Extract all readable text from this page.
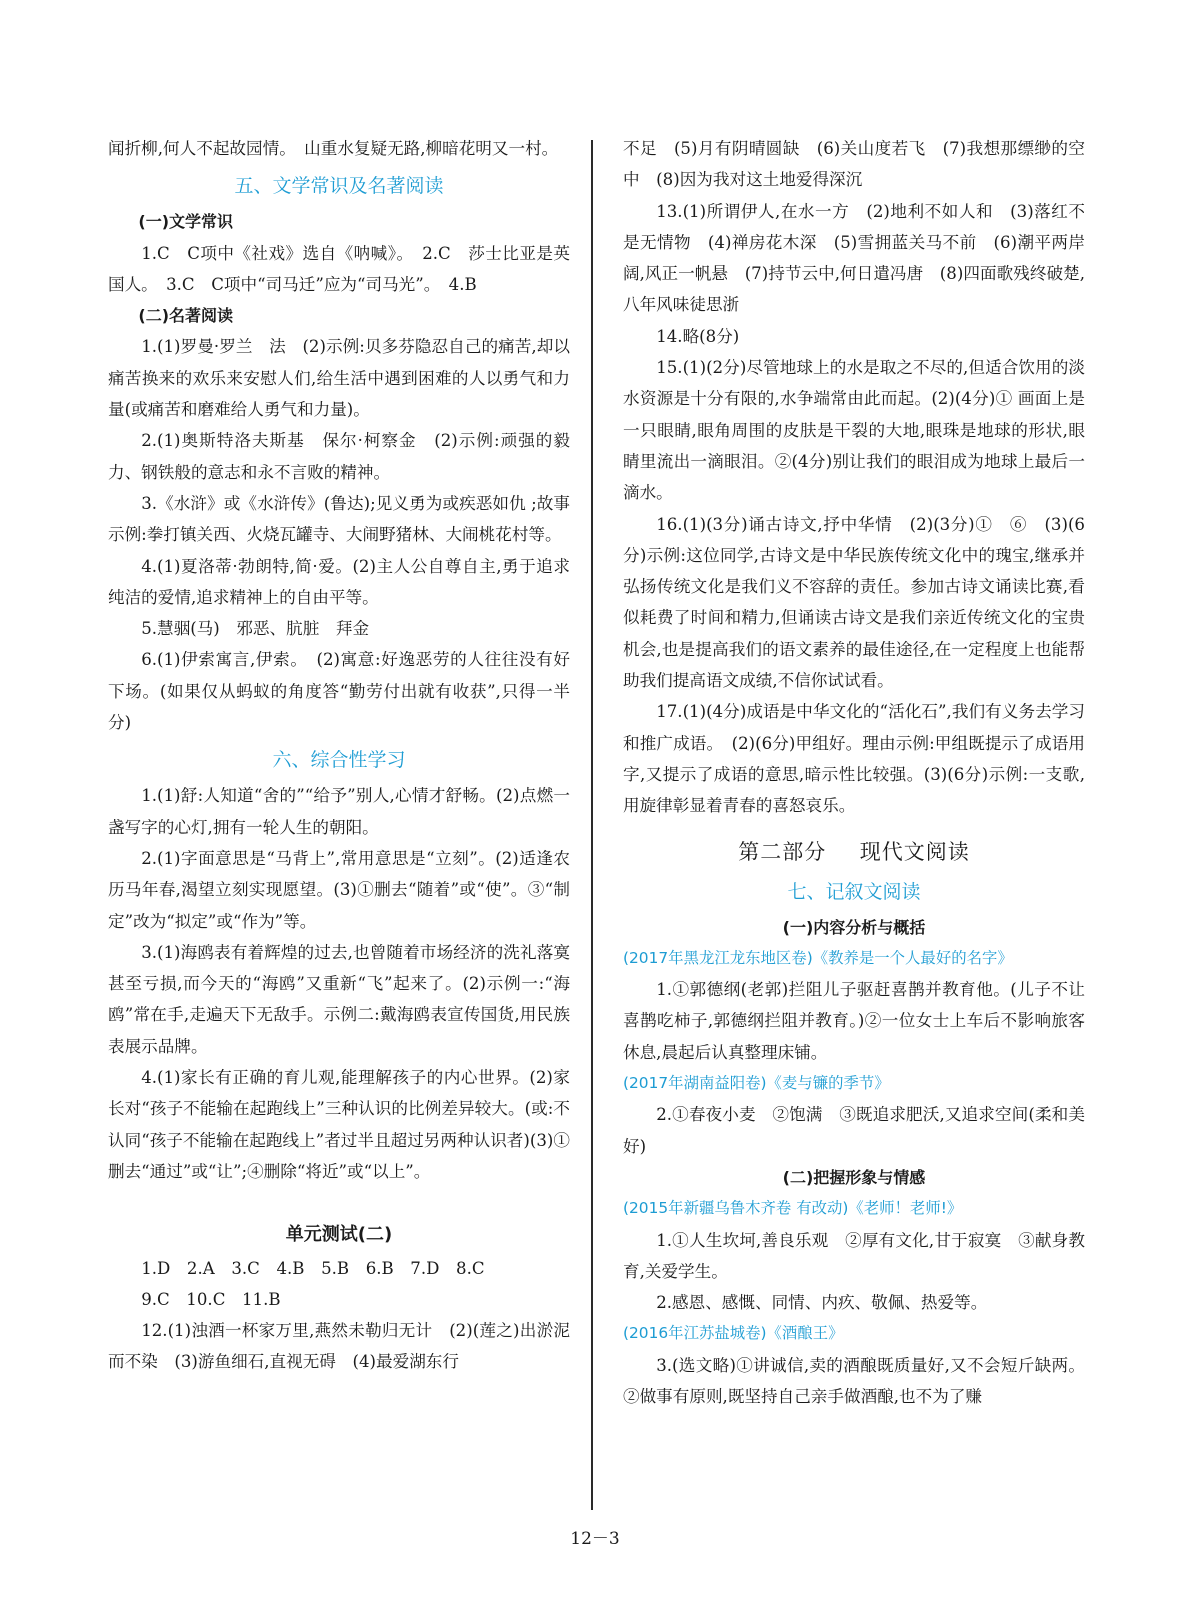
闻折柳,何人不起故园情。　山重水复疑无路,柳暗花明又一村。

五、文学常识及名著阅读
(一)文学常识

1.C　C项中《社戏》选自《呐喊》。　2.C　莎士比亚是英国人。　3.C　C项中“司马迁”应为“司马光”。　4.B

(二)名著阅读

1.(1)罗曼·罗兰　法　(2)示例:贝多芬隐忍自己的痛苦,却以痛苦换来的欢乐来安慰人们,给生活中遇到困难的人以勇气和力量(或痛苦和磨难给人勇气和力量)。

2.(1)奥斯特洛夫斯基　保尔·柯察金　(2)示例:顽强的毅力、钢铁般的意志和永不言败的精神。

3.《水浒》或《水浒传》(鲁达);见义勇为或疾恶如仇 ;故事示例:拳打镇关西、火烧瓦罐寺、大闹野猪林、大闹桃花村等。

4.(1)夏洛蒂·勃朗特,简·爱。(2)主人公自尊自主,勇于追求纯洁的爱情,追求精神上的自由平等。

5.慧骃(马)　邪恶、肮脏　拜金

6.(1)伊索寓言,伊索。　(2)寓意:好逸恶劳的人往往没有好下场。(如果仅从蚂蚁的角度答“勤劳付出就有收获”,只得一半分)

六、综合性学习

1.(1)舒:人知道“舍的”“给予”别人,心情才舒畅。(2)点燃一盏写字的心灯,拥有一轮人生的朝阳。

2.(1)字面意思是“马背上”,常用意思是“立刻”。(2)适逢农历马年春,渴望立刻实现愿望。(3)①删去“随着”或“使”。③“制定”改为“拟定”或“作为”等。

3.(1)海鸥表有着辉煌的过去,也曾随着市场经济的洗礼落寞甚至亏损,而今天的“海鸥”又重新“飞”起来了。(2)示例一:“海鸥”常在手,走遍天下无敌手。示例二:戴海鸥表宣传国货,用民族表展示品牌。

4.(1)家长有正确的育儿观,能理解孩子的内心世界。(2)家长对“孩子不能输在起跑线上”三种认识的比例差异较大。(或:不认同“孩子不能输在起跑线上”者过半且超过另两种认识者)(3)①删去“通过”或“让”;④删除“将近”或“以上”。

单元测试(二)

1.D　2.A　3.C　4.B　5.B　6.B　7.D　8.C

9.C　10.C　11.B

12.(1)浊酒一杯家万里,燕然未勒归无计　(2)(莲之)出淤泥而不染　(3)游鱼细石,直视无碍　(4)最爱湖东行

不足　(5)月有阴晴圆缺　(6)关山度若飞　(7)我想那缥缈的空中　(8)因为我对这土地爱得深沉

13.(1)所谓伊人,在水一方　(2)地利不如人和　(3)落红不是无情物　(4)禅房花木深　(5)雪拥蓝关马不前　(6)潮平两岸阔,风正一帆悬　(7)持节云中,何日遣冯唐　(8)四面歌残终破楚,八年风味徒思浙

14.略(8分)

15.(1)(2分)尽管地球上的水是取之不尽的,但适合饮用的淡水资源是十分有限的,水争端常由此而起。(2)(4分)① 画面上是一只眼睛,眼角周围的皮肤是干裂的大地,眼珠是地球的形状,眼睛里流出一滴眼泪。②(4分)别让我们的眼泪成为地球上最后一滴水。

16.(1)(3分)诵古诗文,抒中华情　(2)(3分)①　⑥　(3)(6分)示例:这位同学,古诗文是中华民族传统文化中的瑰宝,继承并弘扬传统文化是我们义不容辞的责任。参加古诗文诵读比赛,看似耗费了时间和精力,但诵读古诗文是我们亲近传统文化的宝贵机会,也是提高我们的语文素养的最佳途径,在一定程度上也能帮助我们提高语文成绩,不信你试试看。

17.(1)(4分)成语是中华文化的“活化石”,我们有义务去学习和推广成语。　(2)(6分)甲组好。理由示例:甲组既提示了成语用字,又提示了成语的意思,暗示性比较强。(3)(6分)示例:一支歌,用旋律彰显着青春的喜怒哀乐。

第二部分 现代文阅读
七、记叙文阅读
(一)内容分析与概括
(2017年黑龙江龙东地区卷)《教养是一个人最好的名字》

1.①郭德纲(老郭)拦阻儿子驱赶喜鹊并教育他。(儿子不让喜鹊吃柿子,郭德纲拦阻并教育。)②一位女士上车后不影响旅客休息,晨起后认真整理床铺。

(2017年湖南益阳卷)《麦与镰的季节》

2.①春夜小麦　②饱满　③既追求肥沃,又追求空间(柔和美好)

(二)把握形象与情感
(2015年新疆乌鲁木齐卷 有改动)《老师！老师!》

1.①人生坎坷,善良乐观　②厚有文化,甘于寂寞　③献身教育,关爱学生。

2.感恩、感慨、同情、内疚、敬佩、热爱等。

(2016年江苏盐城卷)《酒酿王》

3.(选文略)①讲诚信,卖的酒酿既质量好,又不会短斤缺两。②做事有原则,既坚持自己亲手做酒酿,也不为了赚

12－3
